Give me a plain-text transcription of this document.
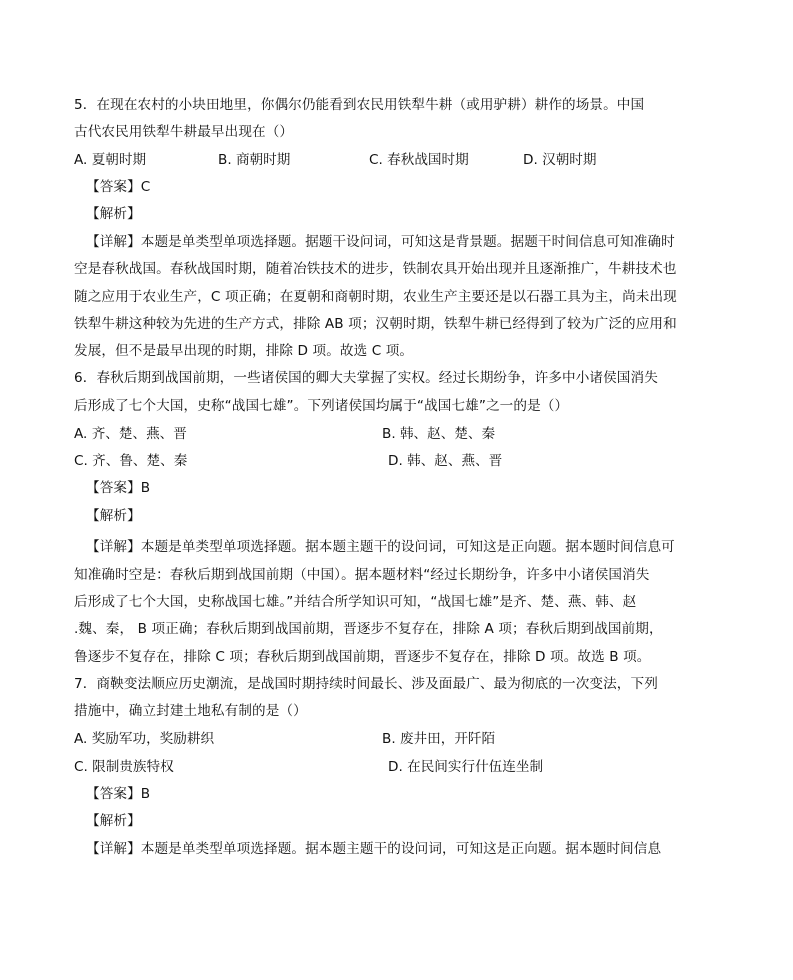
5．在现在农村的小块田地里，你偶尔仍能看到农民用铁犁牛耕（或用驴耕）耕作的场景。中国
古代农民用铁犁牛耕最早出现在（）
A. 夏朝时期	B. 商朝时期	C. 春秋战国时期	D. 汉朝时期
【答案】C
【解析】
【详解】本题是单类型单项选择题。据题干设问词，可知这是背景题。据题干时间信息可知准确时
空是春秋战国。春秋战国时期，随着冶铁技术的进步，铁制农具开始出现并且逐渐推广，牛耕技术也
随之应用于农业生产，C 项正确；在夏朝和商朝时期，农业生产主要还是以石器工具为主，尚未出现
铁犁牛耕这种较为先进的生产方式，排除 AB 项；汉朝时期，铁犁牛耕已经得到了较为广泛的应用和
发展，但不是最早出现的时期，排除 D 项。故选 C 项。
6．春秋后期到战国前期，一些诸侯国的卿大夫掌握了实权。经过长期纷争，许多中小诸侯国消失
后形成了七个大国，史称“战国七雄”。下列诸侯国均属于“战国七雄”之一的是（）
A. 齐、楚、燕、晋	B. 韩、赵、楚、秦
C. 齐、鲁、楚、秦	D. 韩、赵、燕、晋
【答案】B
【解析】
【详解】本题是单类型单项选择题。据本题主题干的设问词，可知这是正向题。据本题时间信息可
知准确时空是：春秋后期到战国前期（中国）。据本题材料“经过长期纷争，许多中小诸侯国消失
后形成了七个大国，史称战国七雄。”并结合所学知识可知，“战国七雄”是齐、楚、燕、韩、赵
.魏、秦， B 项正确；春秋后期到战国前期，晋逐步不复存在，排除 A 项；春秋后期到战国前期，
鲁逐步不复存在，排除 C 项；春秋后期到战国前期，晋逐步不复存在，排除 D 项。故选 B 项。
7．商鞅变法顺应历史潮流，是战国时期持续时间最长、涉及面最广、最为彻底的一次变法，下列
措施中，确立封建土地私有制的是（）
A. 奖励军功，奖励耕织	B. 废井田，开阡陌
C. 限制贵族特权	D. 在民间实行什伍连坐制
【答案】B
【解析】
【详解】本题是单类型单项选择题。据本题主题干的设问词，可知这是正向题。据本题时间信息
